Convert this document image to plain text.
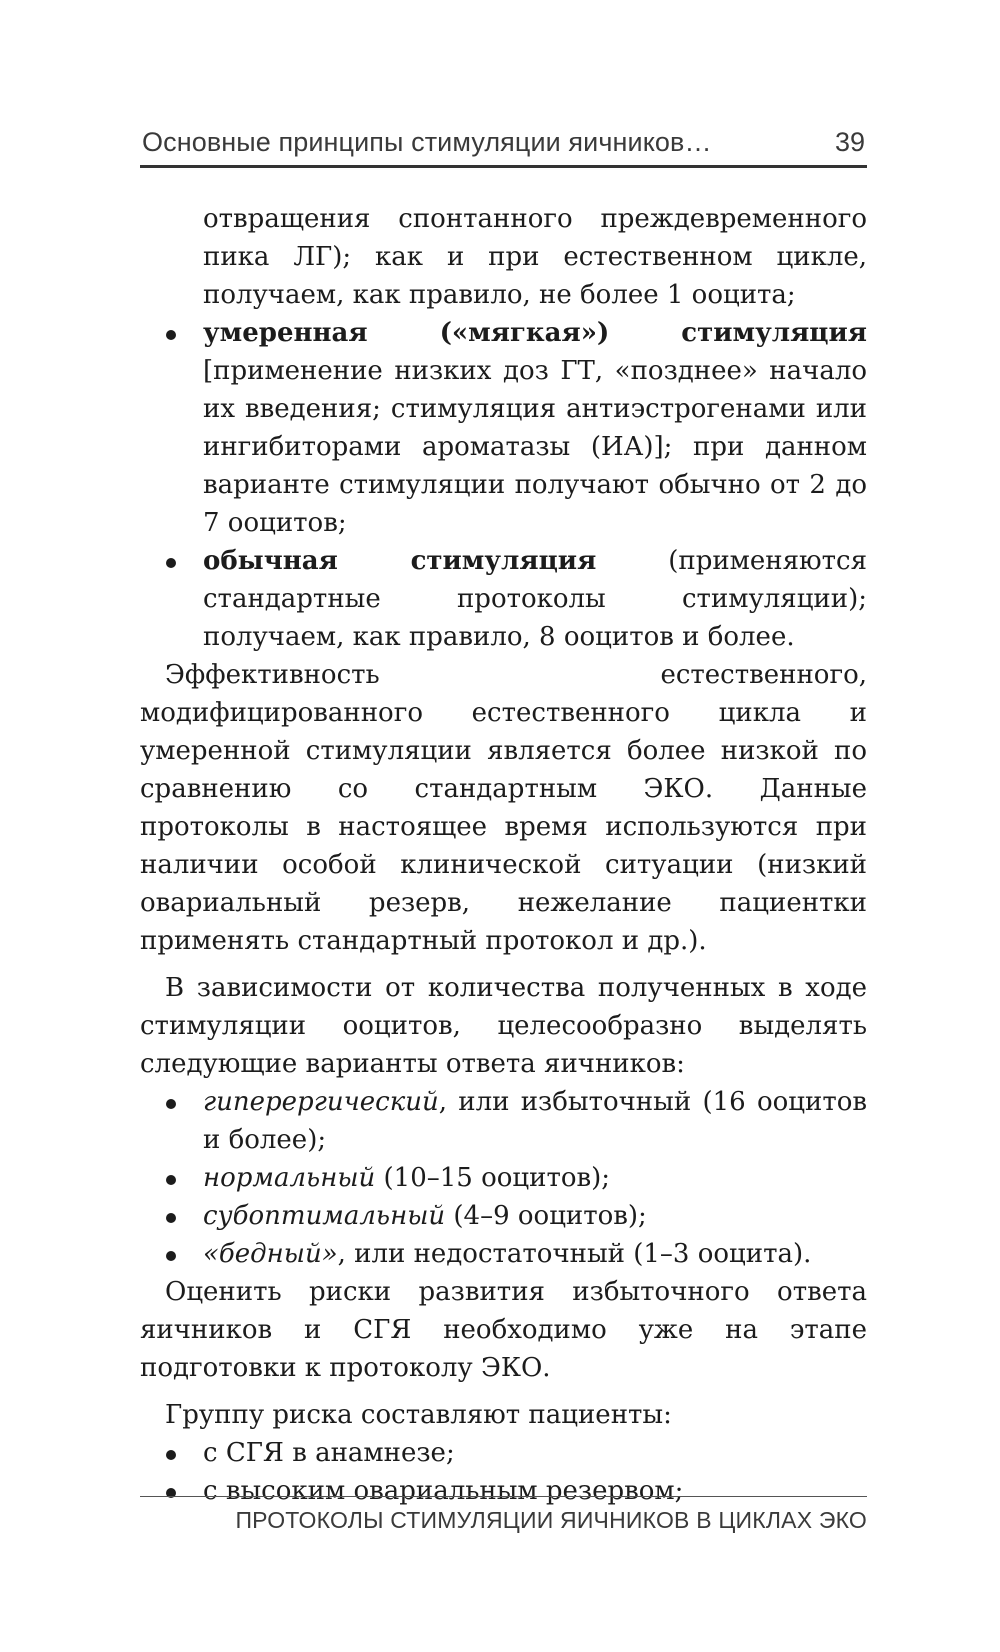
Основные принципы стимуляции яичников…	39

отвращения спонтанного преждевременного пика ЛГ); как и при естественном цикле, получаем, как правило, не более 1 ооцита;

умеренная («мягкая») стимуляция [применение низких доз ГТ, «позднее» начало их введения; стимуляция антиэстрогенами или ингибиторами ароматазы (ИА)]; при данном варианте стимуляции получают обычно от 2 до 7 ооцитов;
обычная стимуляция (применяются стандартные протоколы стимуляции); получаем, как правило, 8 ооцитов и более.

Эффективность естественного, модифицированного естественного цикла и умеренной стимуляции является более низкой по сравнению со стандартным ЭКО. Данные протоколы в настоящее время используются при наличии особой клинической ситуации (низкий овариальный резерв, нежелание пациентки применять стандартный протокол и др.).

В зависимости от количества полученных в ходе стимуляции ооцитов, целесообразно выделять следующие варианты ответа яичников:

гиперергический, или избыточный (16 ооцитов и более);
нормальный (10–15 ооцитов);
субоптимальный (4–9 ооцитов);
«бедный», или недостаточный (1–3 ооцита).

Оценить риски развития избыточного ответа яичников и СГЯ необходимо уже на этапе подготовки к протоколу ЭКО.

Группу риска составляют пациенты:

с СГЯ в анамнезе;
с высоким овариальным резервом;
ПРОТОКОЛЫ СТИМУЛЯЦИИ ЯИЧНИКОВ В ЦИКЛАХ ЭКО
